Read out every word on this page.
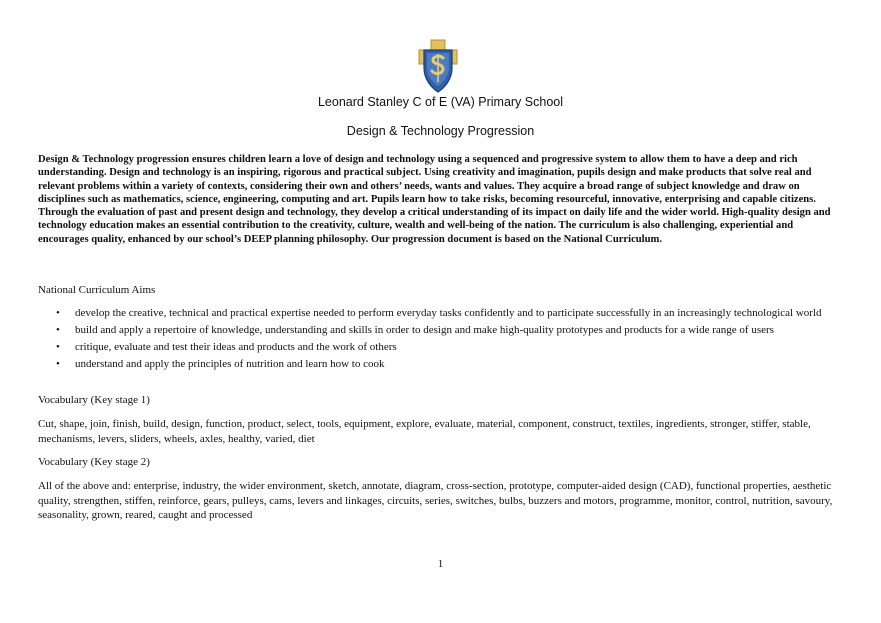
Leonard Stanley C of E (VA) Primary School
Design & Technology Progression

Design & Technology progression ensures children learn a love of design and technology using a sequenced and progressive system to allow them to have a deep and rich understanding. Design and technology is an inspiring, rigorous and practical subject. Using creativity and imagination, pupils design and make products that solve real and relevant problems within a variety of contexts, considering their own and others’ needs, wants and values. They acquire a broad range of subject knowledge and draw on disciplines such as mathematics, science, engineering, computing and art. Pupils learn how to take risks, becoming resourceful, innovative, enterprising and capable citizens. Through the evaluation of past and present design and technology, they develop a critical understanding of its impact on daily life and the wider world. High-quality design and technology education makes an essential contribution to the creativity, culture, wealth and well-being of the nation. The curriculum is also challenging, experiential and encourages quality, enhanced by our school’s DEEP planning philosophy. Our progression document is based on the National Curriculum.

National Curriculum Aims

• develop the creative, technical and practical expertise needed to perform everyday tasks confidently and to participate successfully in an increasingly technological world
• build and apply a repertoire of knowledge, understanding and skills in order to design and make high-quality prototypes and products for a wide range of users
• critique, evaluate and test their ideas and products and the work of others
• understand and apply the principles of nutrition and learn how to cook

Vocabulary (Key stage 1)

Cut, shape, join, finish, build, design, function, product, select, tools, equipment, explore, evaluate, material, component, construct, textiles, ingredients, stronger, stiffer, stable, mechanisms, levers, sliders, wheels, axles, healthy, varied, diet

Vocabulary (Key stage 2)

All of the above and: enterprise, industry, the wider environment, sketch, annotate, diagram, cross-section, prototype, computer-aided design (CAD), functional properties, aesthetic quality, strengthen, stiffen, reinforce, gears, pulleys, cams, levers and linkages, circuits, series, switches, bulbs, buzzers and motors, programme, monitor, control, nutrition, savoury, seasonality, grown, reared, caught and processed

1
